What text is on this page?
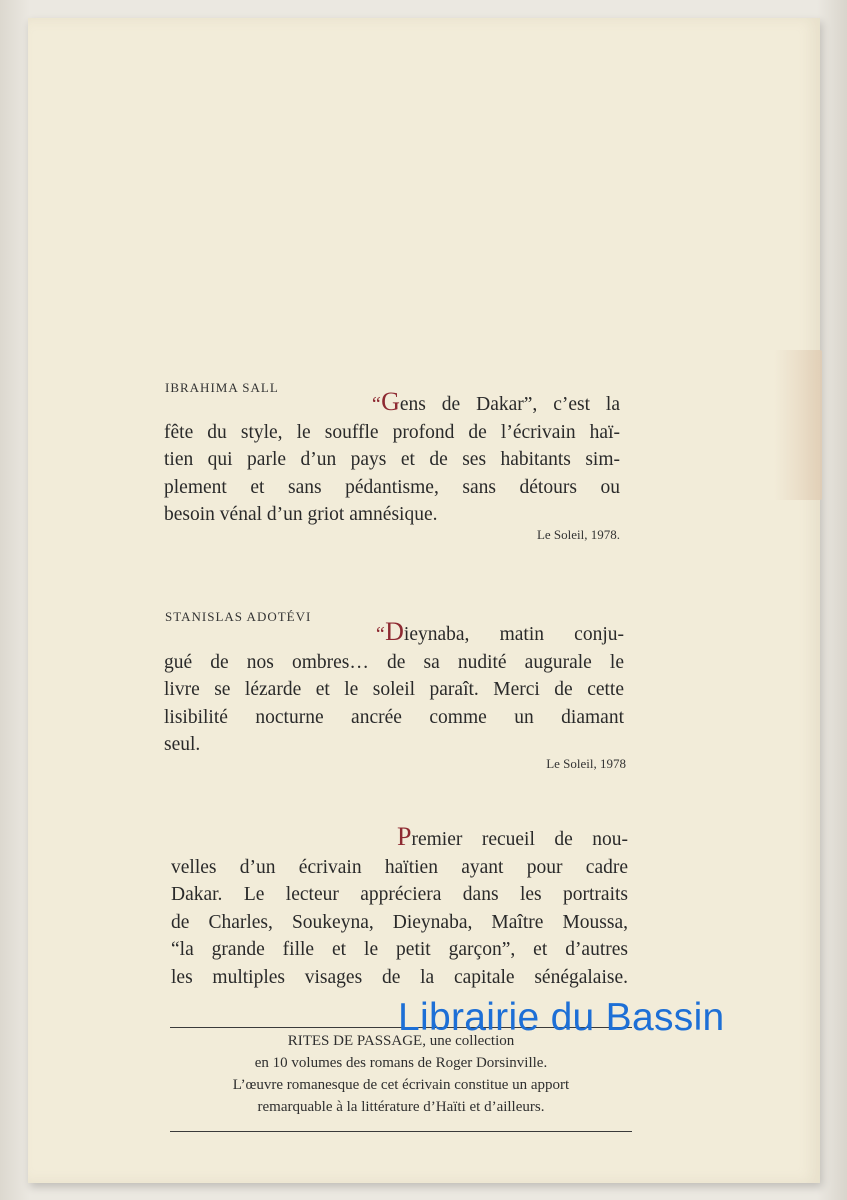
IBRAHIMA SALL
“Gens de Dakar”, c’est la
fête du style, le souffle profond de l’écrivain haï-
tien qui parle d’un pays et de ses habitants sim-
plement et sans pédantisme, sans détours ou
besoin vénal d’un griot amnésique.
Le Soleil, 1978.
STANISLAS ADOTÉVI
“Dieynaba, matin conju-
gué de nos ombres… de sa nudité augurale le
livre se lézarde et le soleil paraît. Merci de cette
lisibilité nocturne ancrée comme un diamant
seul.
Le Soleil, 1978
Premier recueil de nou-
velles d’un écrivain haïtien ayant pour cadre
Dakar. Le lecteur appréciera dans les portraits
de Charles, Soukeyna, Dieynaba, Maître Moussa,
“la grande fille et le petit garçon”, et d’autres
les multiples visages de la capitale sénégalaise.
RITES DE PASSAGE, une collection
en 10 volumes des romans de Roger Dorsinville.
L’œuvre romanesque de cet écrivain constitue un apport
remarquable à la littérature d’Haïti et d’ailleurs.
Librairie du Bassin
